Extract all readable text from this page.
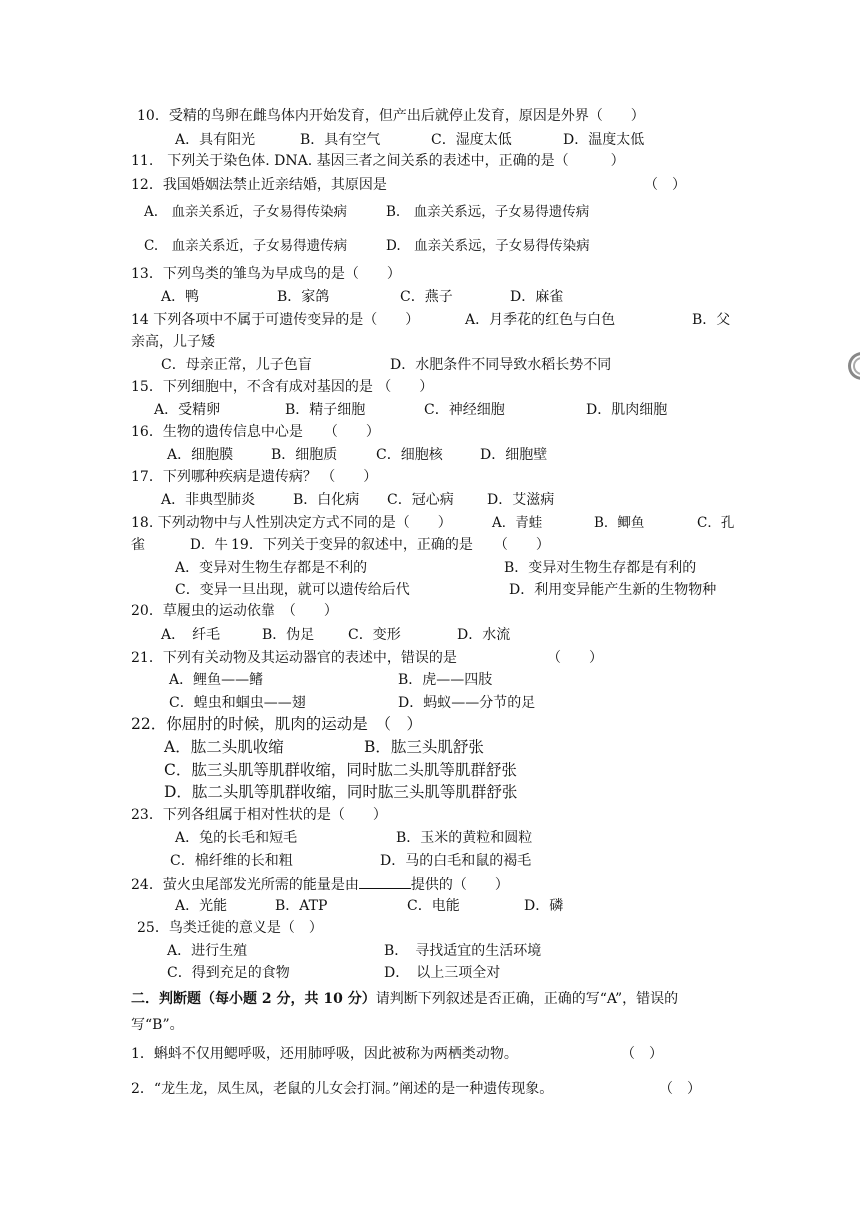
10．受精的鸟卵在雌鸟体内开始发育，但产出后就停止发育，原因是外界（　　）
A．具有阳光	B．具有空气	C．湿度太低	D．温度太低
11.　下列关于染色体. DNA. 基因三者之间关系的表述中，正确的是（　　　）
12．我国婚姻法禁止近亲结婚，其原因是	（　）
A.　血亲关系近，子女易得传染病	B.　血亲关系远，子女易得遗传病
C.　血亲关系近，子女易得遗传病	D.　血亲关系远，子女易得传染病
13．下列鸟类的雏鸟为早成鸟的是（　　）
A．鸭	B．家鸽	C．燕子	D．麻雀
14 下列各项中不属于可遗传变异的是（　　）	A．月季花的红色与白色	B．父
亲高，儿子矮
C．母亲正常，儿子色盲	D．水肥条件不同导致水稻长势不同
15．下列细胞中，不含有成对基因的是 （　　）
A．受精卵	B．精子细胞	C．神经细胞	D．肌肉细胞
16．生物的遗传信息中心是　　（　　）
A．细胞膜	B．细胞质	C．细胞核	D．细胞壁
17．下列哪种疾病是遗传病？ （　　）
A．非典型肺炎	B．白化病 C．冠心病 D．艾滋病
18. 下列动物中与人性别决定方式不同的是（　　）	A．青蛙	B．鲫鱼	C．孔
雀	D．牛 19．下列关于变异的叙述中，正确的是　　（　　）
A．变异对生物生存都是不利的	B．变异对生物生存都是有利的
C．变异一旦出现，就可以遗传给后代	D．利用变异能产生新的生物物种
20．草履虫的运动依靠　（　　）
A．　纤毛	B．伪足 C．变形	D．水流
21．下列有关动物及其运动器官的表述中，错误的是	（　　）
A．鲤鱼——鳍	B．虎——四肢
C．蝗虫和蝈虫——翅	D．蚂蚁——分节的足
22．你屈肘的时候，肌肉的运动是　（　）
A．肱二头肌收缩	B．肱三头肌舒张
C．肱三头肌等肌群收缩，同时肱二头肌等肌群舒张
D．肱二头肌等肌群收缩，同时肱三头肌等肌群舒张
23．下列各组属于相对性状的是（　　）
A．兔的长毛和短毛	B．玉米的黄粒和圆粒
C．棉纤维的长和粗	D．马的白毛和鼠的褐毛
24．萤火虫尾部发光所需的能量是由	提供的（　　）
A．光能	B．ATP	C．电能	D．磷
25．鸟类迁徙的意义是（　）
A．进行生殖	B．　寻找适宜的生活环境
C．得到充足的食物	D．　以上三项全对
二．判断题（每小题 2 分，共 10 分）请判断下列叙述是否正确，正确的写“A”，错误的
写“B”。
1．蝌蚪不仅用鳃呼吸，还用肺呼吸，因此被称为两栖类动物。	（　）
2．“龙生龙，凤生凤，老鼠的儿女会打洞。”阐述的是一种遗传现象。	（　）
